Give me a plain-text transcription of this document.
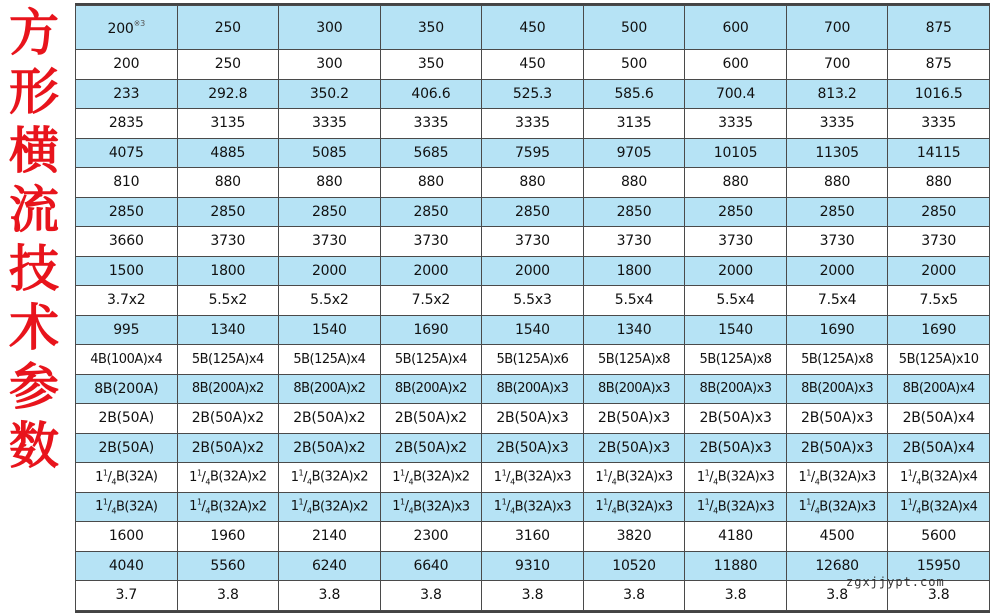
方
形
横
流
技
术
参
数
200$^{※3}$	250	300	350	450	500	600	700	875
200	250	300	350	450	500	600	700	875
233	292.8	350.2	406.6	525.3	585.6	700.4	813.2	1016.5
2835	3135	3335	3335	3335	3135	3335	3335	3335
4075	4885	5085	5685	7595	9705	10105	11305	14115
810	880	880	880	880	880	880	880	880
2850	2850	2850	2850	2850	2850	2850	2850	2850
3660	3730	3730	3730	3730	3730	3730	3730	3730
1500	1800	2000	2000	2000	1800	2000	2000	2000
3.7x2	5.5x2	5.5x2	7.5x2	5.5x3	5.5x4	5.5x4	7.5x4	7.5x5
995	1340	1540	1690	1540	1340	1540	1690	1690
4B(100A)x4	5B(125A)x4	5B(125A)x4	5B(125A)x4	5B(125A)x6	5B(125A)x8	5B(125A)x8	5B(125A)x8	5B(125A)x10
8B(200A)	8B(200A)x2	8B(200A)x2	8B(200A)x2	8B(200A)x3	8B(200A)x3	8B(200A)x3	8B(200A)x3	8B(200A)x4
2B(50A)	2B(50A)x2	2B(50A)x2	2B(50A)x2	2B(50A)x3	2B(50A)x3	2B(50A)x3	2B(50A)x3	2B(50A)x4
2B(50A)	2B(50A)x2	2B(50A)x2	2B(50A)x2	2B(50A)x3	2B(50A)x3	2B(50A)x3	2B(50A)x3	2B(50A)x4
$1^1/_4B(32A)$	$1^1/_4B(32A)x2$	$1^1/_4B(32A)x2$	$1^1/_4B(32A)x2$	$1^1/_4B(32A)x3$	$1^1/_4B(32A)x3$	$1^1/_4B(32A)x3$	$1^1/_4B(32A)x3$	$1^1/_4B(32A)x4$
$1^1/_4B(32A)$	$1^1/_4B(32A)x2$	$1^1/_4B(32A)x2$	$1^1/_4B(32A)x3$	$1^1/_4B(32A)x3$	$1^1/_4B(32A)x3$	$1^1/_4B(32A)x3$	$1^1/_4B(32A)x3$	$1^1/_4B(32A)x4$
1600	1960	2140	2300	3160	3820	4180	4500	5600
4040	5560	6240	6640	9310	10520	11880	12680	15950
3.7	3.8	3.8	3.8	3.8	3.8	3.8	3.8	3.8
zgxjjypt.com
